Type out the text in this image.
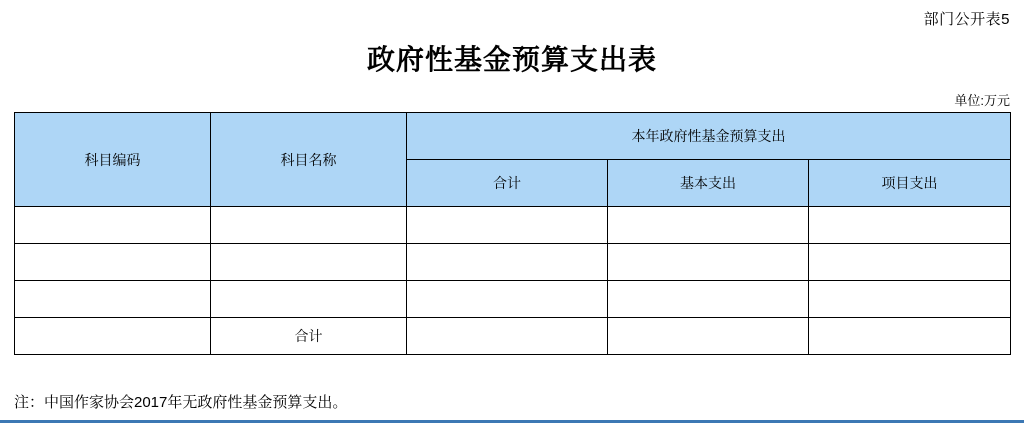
部门公开表5
政府性基金预算支出表
单位:万元
科目编码	科目名称	本年政府性基金预算支出		
		合计	基本支出	项目支出

	合计			
注：中国作家协会2017年无政府性基金预算支出。
